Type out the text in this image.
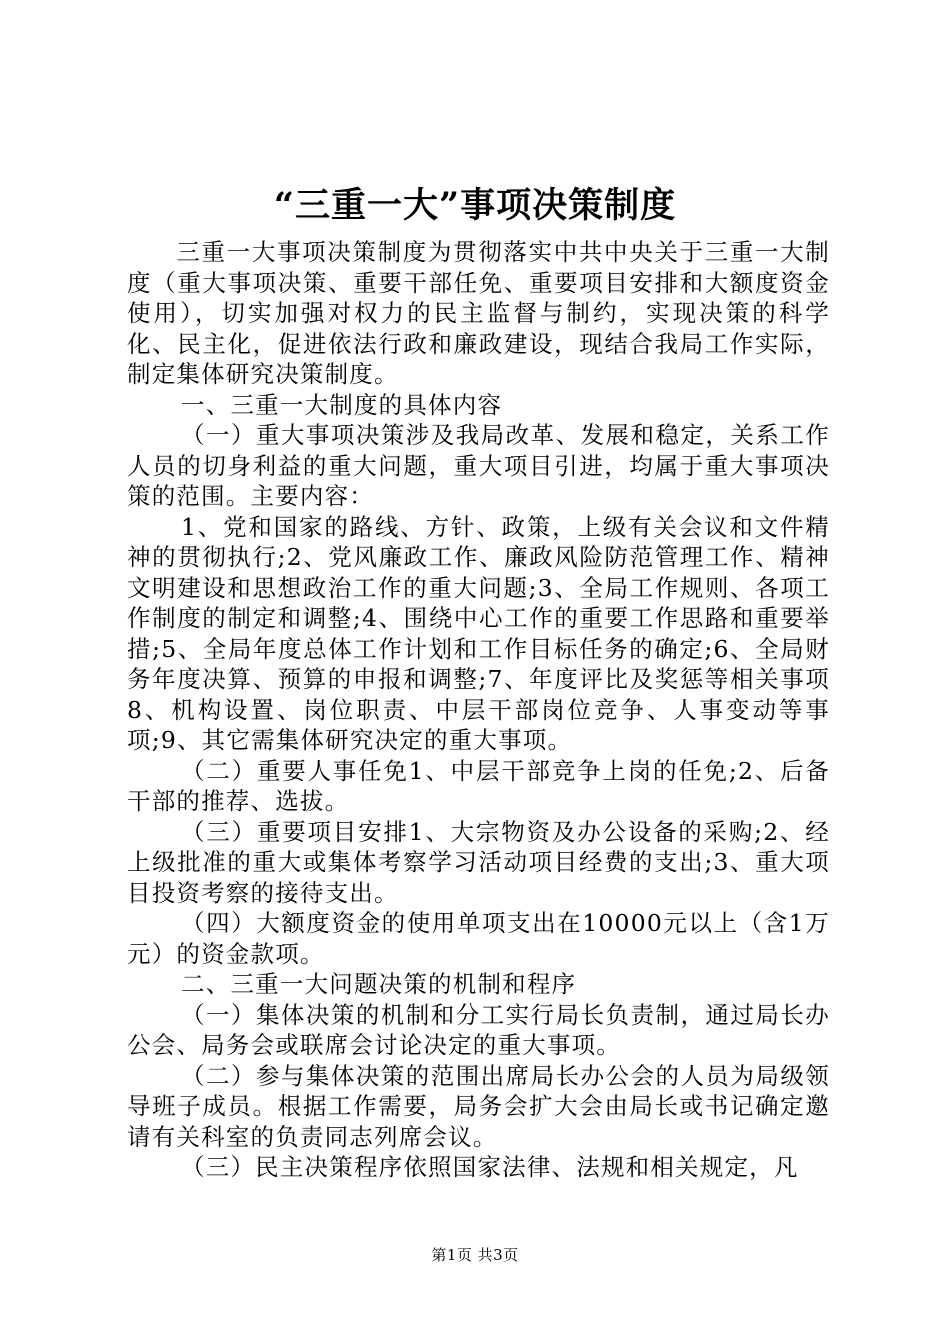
“三重一大”事项决策制度

三重一大事项决策制度为贯彻落实中共中央关于三重一大制度（重大事项决策、重要干部任免、重要项目安排和大额度资金使用），切实加强对权力的民主监督与制约，实现决策的科学化、民主化，促进依法行政和廉政建设，现结合我局工作实际，制定集体研究决策制度。

一、三重一大制度的具体内容

（一）重大事项决策涉及我局改革、发展和稳定，关系工作人员的切身利益的重大问题，重大项目引进，均属于重大事项决策的范围。主要内容：

1、党和国家的路线、方针、政策，上级有关会议和文件精神的贯彻执行;2、党风廉政工作、廉政风险防范管理工作、精神文明建设和思想政治工作的重大问题;3、全局工作规则、各项工作制度的制定和调整;4、围绕中心工作的重要工作思路和重要举措;5、全局年度总体工作计划和工作目标任务的确定;6、全局财务年度决算、预算的申报和调整;7、年度评比及奖惩等相关事项8、机构设置、岗位职责、中层干部岗位竞争、人事变动等事项;9、其它需集体研究决定的重大事项。

（二）重要人事任免1、中层干部竞争上岗的任免;2、后备干部的推荐、选拔。

（三）重要项目安排1、大宗物资及办公设备的采购;2、经上级批准的重大或集体考察学习活动项目经费的支出;3、重大项目投资考察的接待支出。

（四）大额度资金的使用单项支出在10000元以上（含1万元）的资金款项。

二、三重一大问题决策的机制和程序

（一）集体决策的机制和分工实行局长负责制，通过局长办公会、局务会或联席会讨论决定的重大事项。

（二）参与集体决策的范围出席局长办公会的人员为局级领导班子成员。根据工作需要，局务会扩大会由局长或书记确定邀请有关科室的负责同志列席会议。

（三）民主决策程序依照国家法律、法规和相关规定，凡

第1页 共3页
